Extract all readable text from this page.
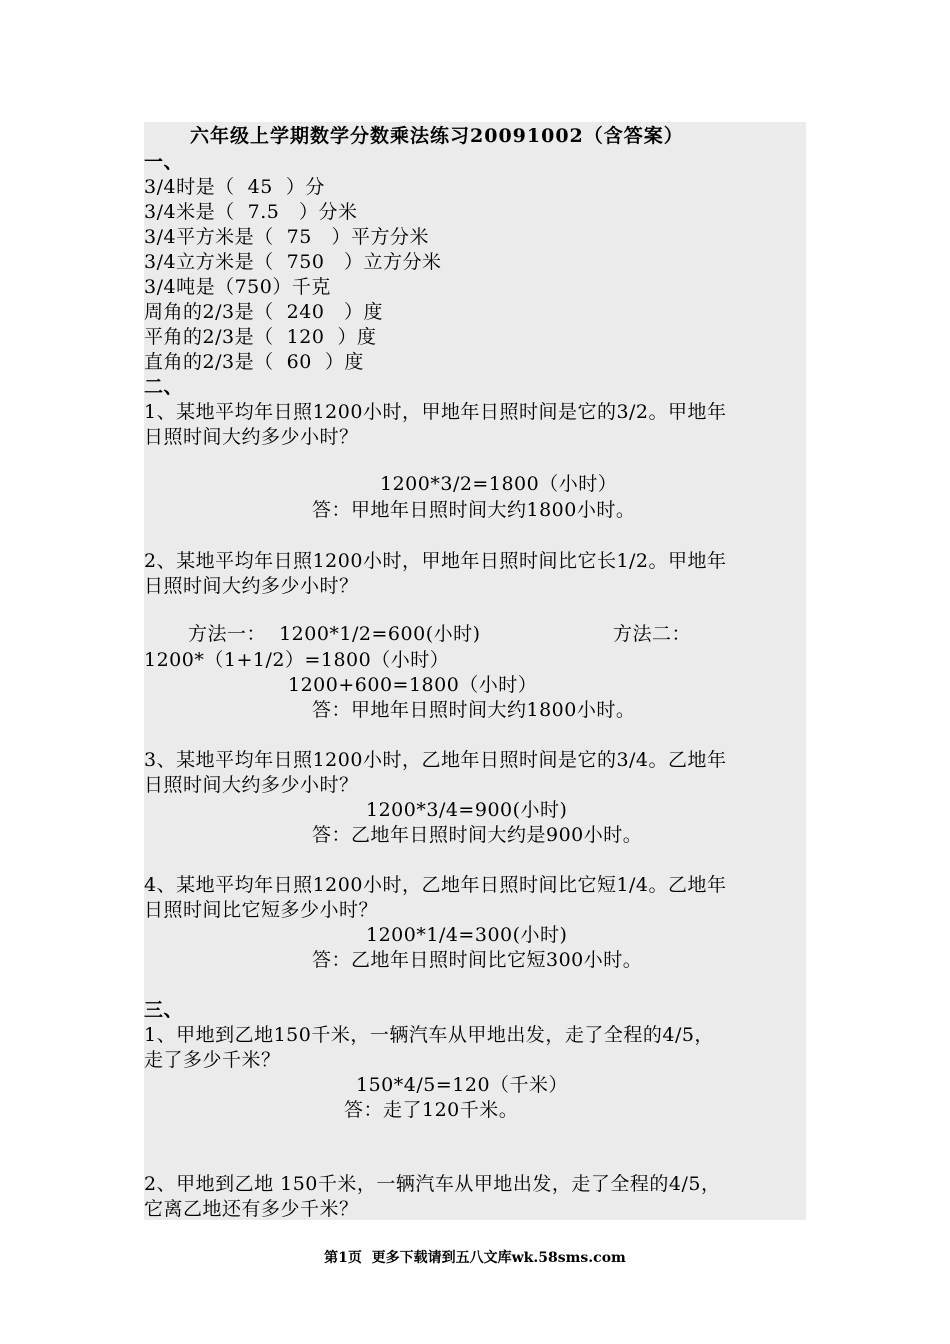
六年级上学期数学分数乘法练习20091002（含答案）
一、
3/4时是（  45  ）分
3/4米是（  7.5   ）分米
3/4平方米是（  75   ）平方分米
3/4立方米是（  750   ）立方分米
3/4吨是（750）千克
周角的2/3是（  240   ）度
平角的2/3是（  120  ）度
直角的2/3是（  60  ）度
二、
1、某地平均年日照1200小时，甲地年日照时间是它的3/2。甲地年
日照时间大约多少小时？
1200*3/2=1800（小时）
答：甲地年日照时间大约1800小时。
2、某地平均年日照1200小时，甲地年日照时间比它长1/2。甲地年
日照时间大约多少小时？
方法一：  1200*1/2=600(小时)	方法二：
1200*（1+1/2）=1800（小时）
1200+600=1800（小时）
答：甲地年日照时间大约1800小时。
3、某地平均年日照1200小时，乙地年日照时间是它的3/4。乙地年
日照时间大约多少小时？
1200*3/4=900(小时)
答：乙地年日照时间大约是900小时。
4、某地平均年日照1200小时，乙地年日照时间比它短1/4。乙地年
日照时间比它短多少小时？
1200*1/4=300(小时)
答：乙地年日照时间比它短300小时。
三、
1、甲地到乙地150千米，一辆汽车从甲地出发，走了全程的4/5，
走了多少千米？
150*4/5=120（千米）
答：走了120千米。
2、甲地到乙地 150千米，一辆汽车从甲地出发，走了全程的4/5，
它离乙地还有多少千米？
第1页  更多下载请到五八文库wk.58sms.com
